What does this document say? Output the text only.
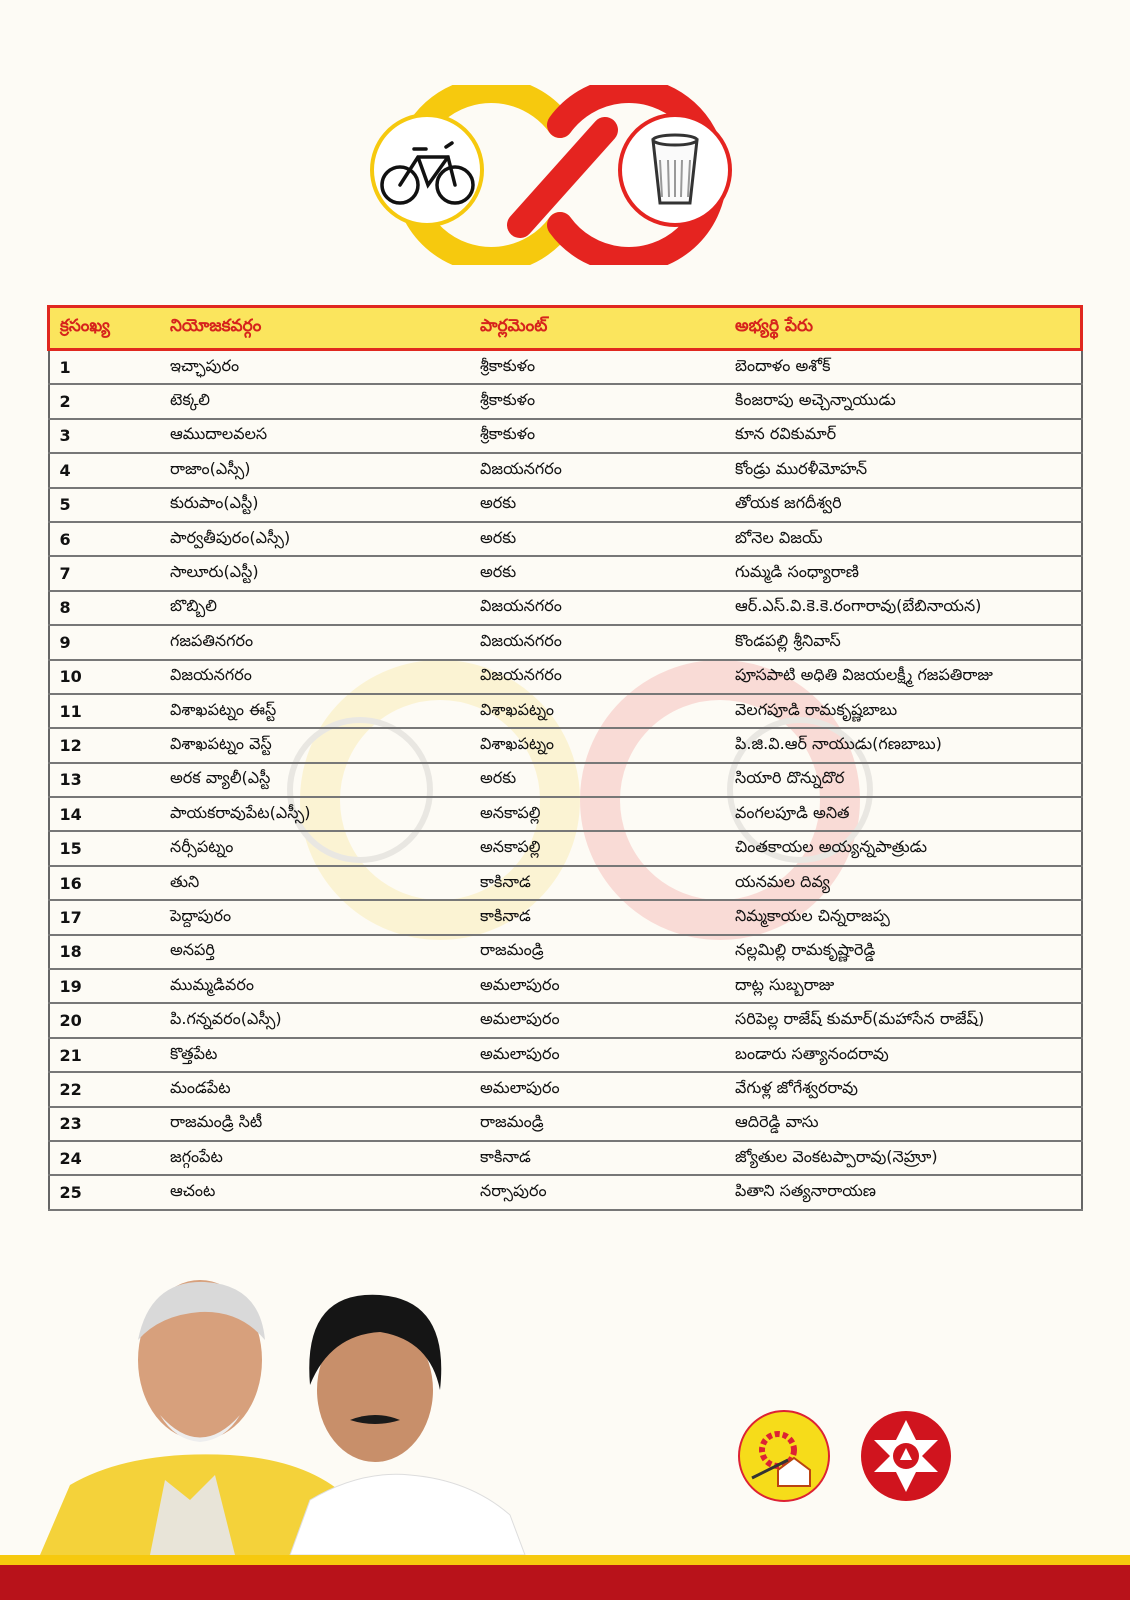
క్రసంఖ్య	నియోజకవర్గం	పార్లమెంట్	అభ్యర్థి పేరు
1	ఇచ్ఛాపురం	శ్రీకాకుళం	బెందాళం అశోక్
2	టెక్కలి	శ్రీకాకుళం	కింజరాపు అచ్చెన్నాయుడు
3	ఆముదాలవలస	శ్రీకాకుళం	కూన రవికుమార్
4	రాజాం(ఎస్సీ)	విజయనగరం	కోండ్రు మురళీమోహన్
5	కురుపాం(ఎస్టీ)	అరకు	తోయక జగదీశ్వరి
6	పార్వతీపురం(ఎస్సీ)	అరకు	బోనెల విజయ్
7	సాలూరు(ఎస్టీ)	అరకు	గుమ్మడి సంధ్యారాణి
8	బొబ్బిలి	విజయనగరం	ఆర్.ఎస్.వి.కె.కె.రంగారావు(బేబినాయన)
9	గజపతినగరం	విజయనగరం	కొండపల్లి శ్రీనివాస్
10	విజయనగరం	విజయనగరం	పూసపాటి అధితి విజయలక్ష్మీ గజపతిరాజు
11	విశాఖపట్నం ఈస్ట్	విశాఖపట్నం	వెలగపూడి రామకృష్ణబాబు
12	విశాఖపట్నం వెస్ట్	విశాఖపట్నం	పి.జి.వి.ఆర్ నాయుడు(గణబాబు)
13	అరక వ్యాలీ(ఎస్టీ	అరకు	సియారి దొన్నుదొర
14	పాయకరావుపేట(ఎస్సీ)	అనకాపల్లి	వంగలపూడి అనిత
15	నర్సీపట్నం	అనకాపల్లి	చింతకాయల అయ్యన్నపాత్రుడు
16	తుని	కాకినాడ	యనమల దివ్య
17	పెద్దాపురం	కాకినాడ	నిమ్మకాయల చిన్నరాజప్ప
18	అనపర్తి	రాజమండ్రి	నల్లమిల్లి రామకృష్ణారెడ్డి
19	ముమ్మడివరం	అమలాపురం	దాట్ల సుబ్బరాజు
20	పి.గన్నవరం(ఎస్సీ)	అమలాపురం	సరిపెల్ల రాజేష్ కుమార్(మహాసేన రాజేష్)
21	కొత్తపేట	అమలాపురం	బండారు సత్యానందరావు
22	మండపేట	అమలాపురం	వేగుళ్ల జోగేశ్వరరావు
23	రాజమండ్రి సిటీ	రాజమండ్రి	ఆదిరెడ్డి వాసు
24	జగ్గంపేట	కాకినాడ	జ్యోతుల వెంకటప్పారావు(నెహ్రూ)
25	ఆచంట	నర్సాపురం	పితాని సత్యనారాయణ
